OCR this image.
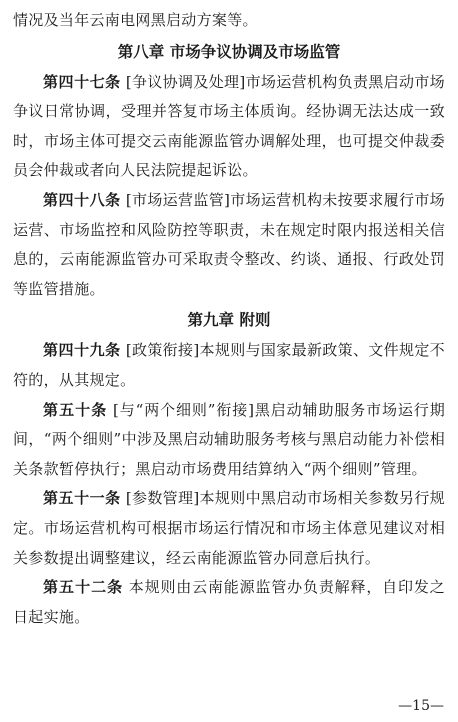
情况及当年云南电网黑启动方案等。

第八章 市场争议协调及市场监管

第四十七条 [争议协调及处理]市场运营机构负责黑启动市场争议日常协调，受理并答复市场主体质询。经协调无法达成一致时，市场主体可提交云南能源监管办调解处理，也可提交仲裁委员会仲裁或者向人民法院提起诉讼。

第四十八条 [市场运营监管]市场运营机构未按要求履行市场运营、市场监控和风险防控等职责，未在规定时限内报送相关信息的，云南能源监管办可采取责令整改、约谈、通报、行政处罚等监管措施。

第九章 附则

第四十九条 [政策衔接]本规则与国家最新政策、文件规定不符的，从其规定。

第五十条 [与“两个细则”衔接]黑启动辅助服务市场运行期间，“两个细则”中涉及黑启动辅助服务考核与黑启动能力补偿相关条款暂停执行；黑启动市场费用结算纳入“两个细则”管理。

第五十一条 [参数管理]本规则中黑启动市场相关参数另行规定。市场运营机构可根据市场运行情况和市场主体意见建议对相关参数提出调整建议，经云南能源监管办同意后执行。

第五十二条 本规则由云南能源监管办负责解释，自印发之日起实施。

—15—
